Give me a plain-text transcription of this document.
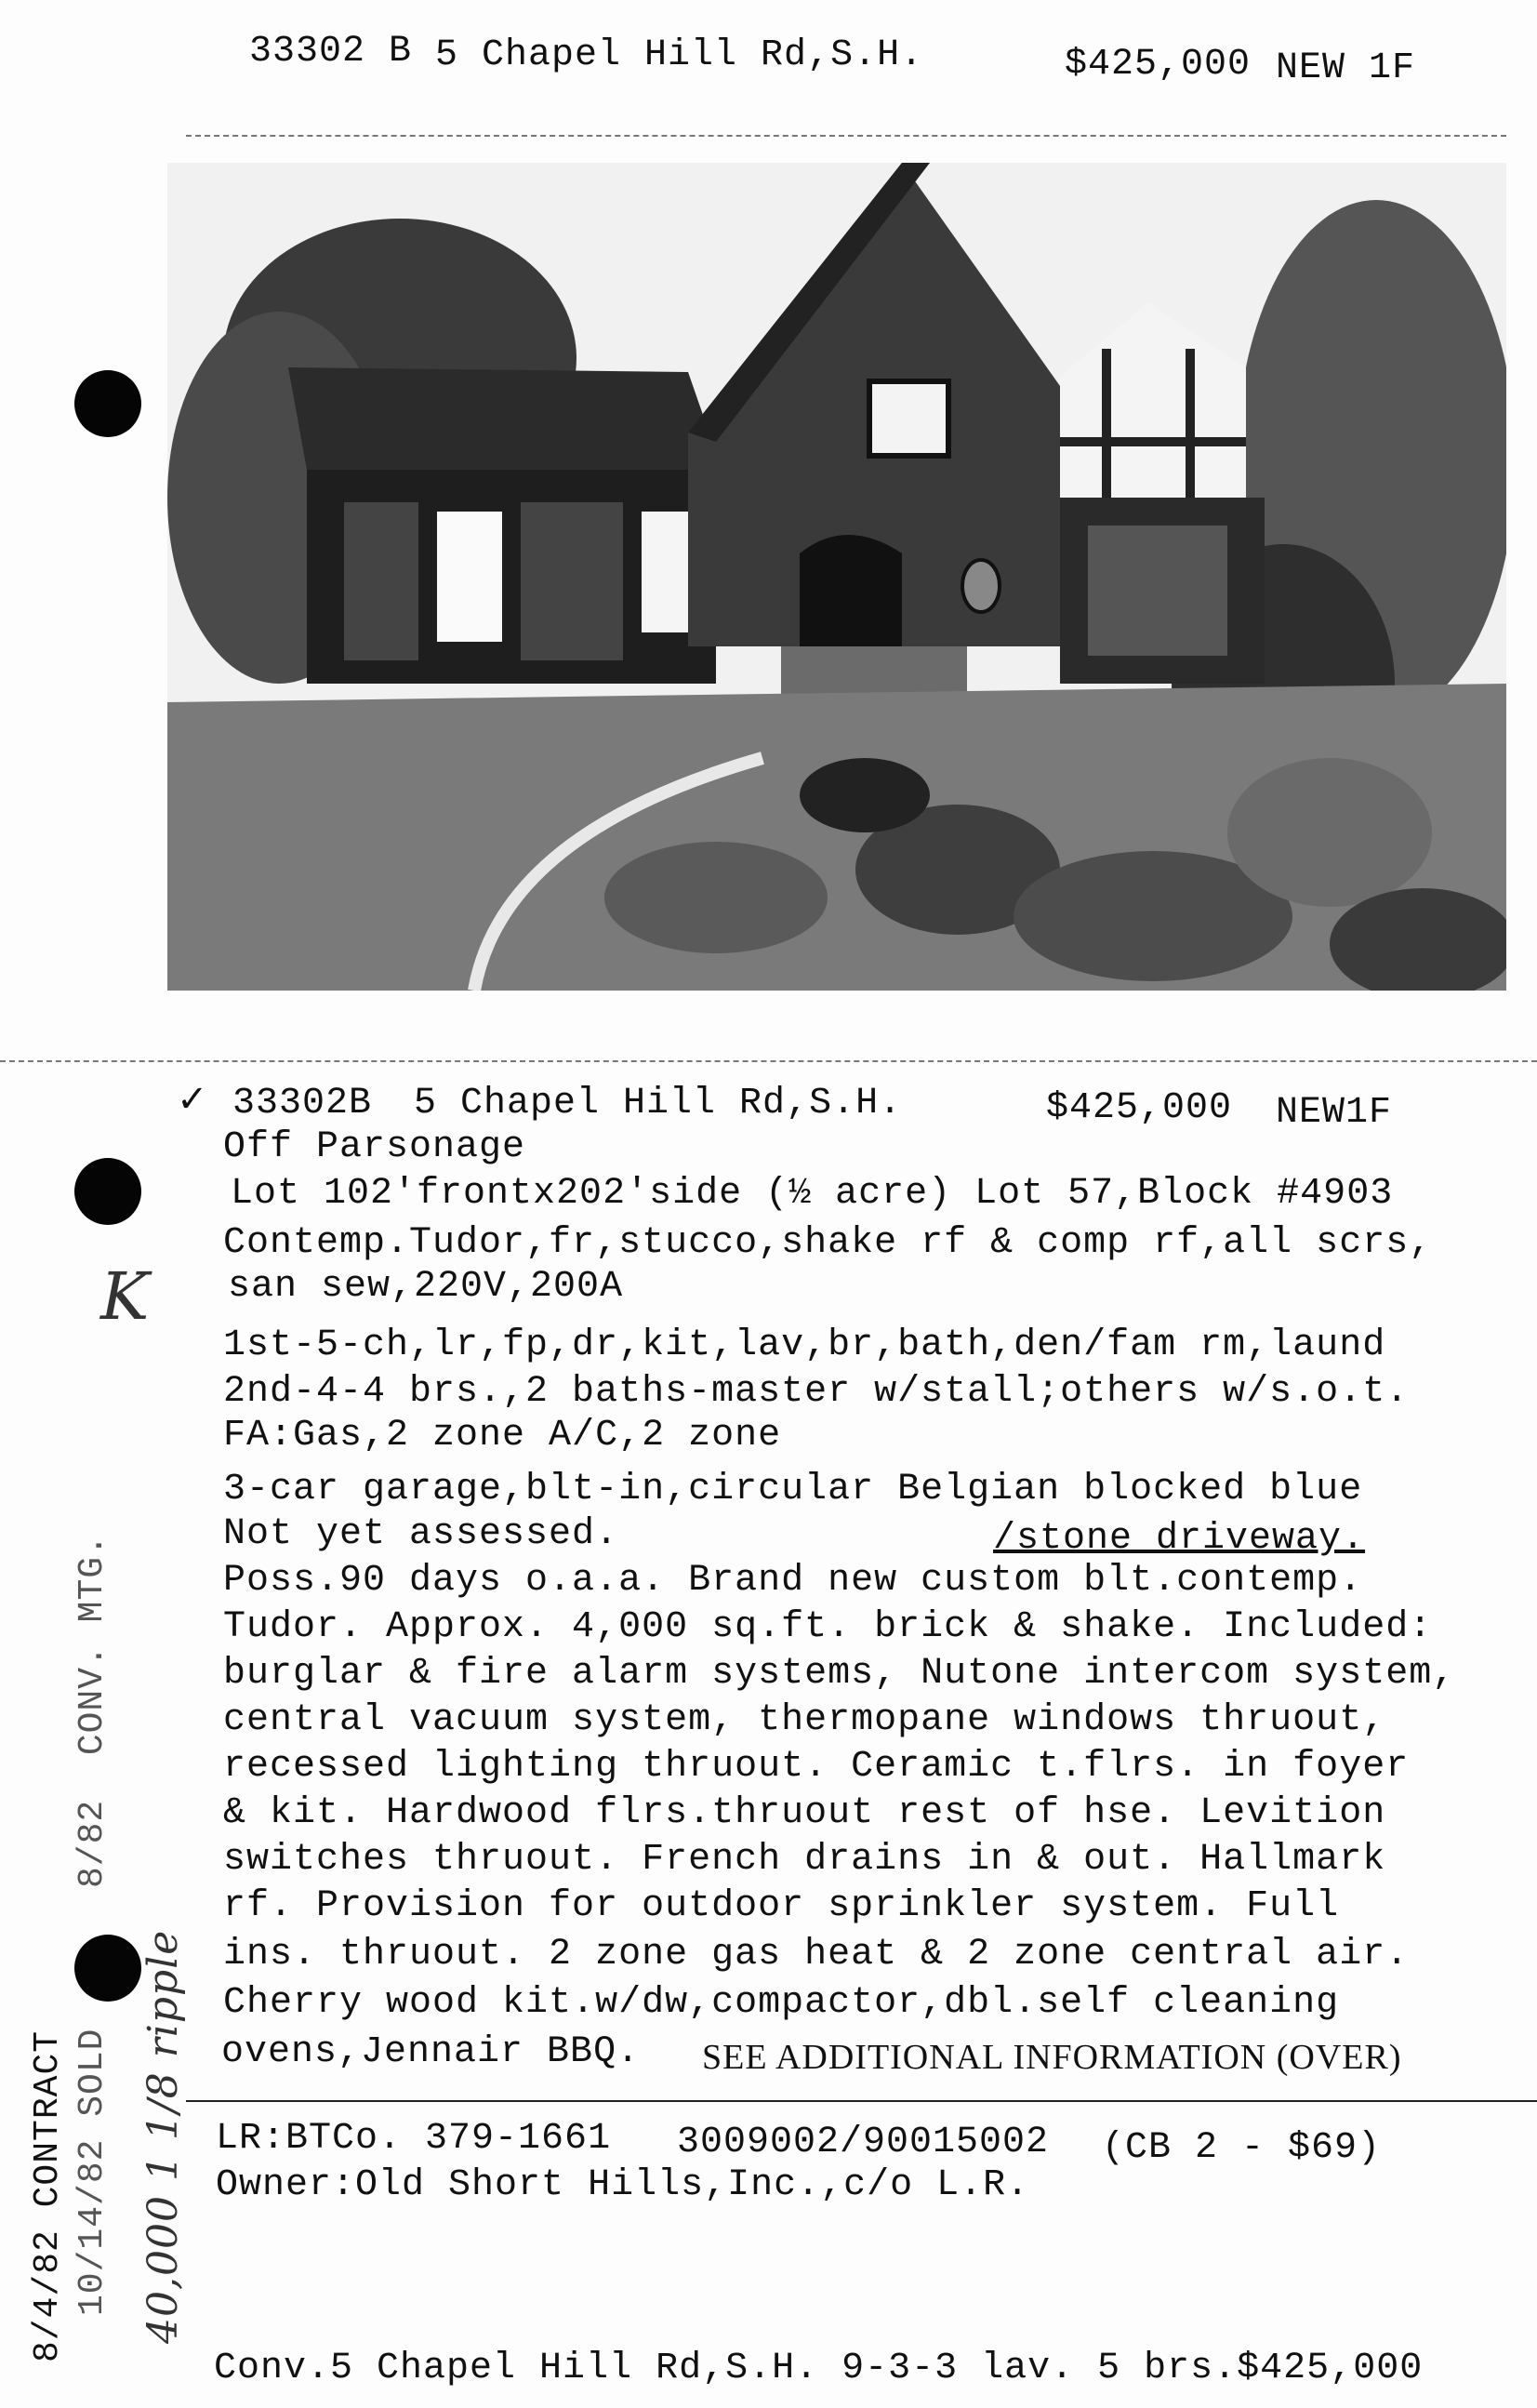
33302 B 5 Chapel Hill Rd,S.H.	$425,000 NEW 1F
✓ 33302B 5 Chapel Hill Rd,S.H.	$425,000 NEW1F
Off Parsonage
Lot 102'frontx202'side (½ acre) Lot 57,Block #4903
Contemp.Tudor,fr,stucco,shake rf & comp rf,all scrs,
san sew,220V,200A
1st-5-ch,lr,fp,dr,kit,lav,br,bath,den/fam rm,laund
2nd-4-4 brs.,2 baths-master w/stall;others w/s.o.t.
FA:Gas,2 zone A/C,2 zone
3-car garage,blt-in,circular Belgian blocked blue
Not yet assessed.
Poss.90 days o.a.a. Brand new custom blt.contemp.
Tudor. Approx. 4,000 sq.ft. brick & shake. Included:
burglar & fire alarm systems, Nutone intercom system,
central vacuum system, thermopane windows thruout,
recessed lighting thruout. Ceramic t.flrs. in foyer
& kit. Hardwood flrs.thruout rest of hse. Levition
switches thruout. French drains in & out. Hallmark
rf. Provision for outdoor sprinkler system. Full
ins. thruout. 2 zone gas heat & 2 zone central air.
Cherry wood kit.w/dw,compactor,dbl.self cleaning
/stone driveway.
ovens,Jennair BBQ. SEE ADDITIONAL INFORMATION (OVER)
LR:BTCo. 379-1661 3009002/90015002 (CB 2 - $69)
Owner:Old Short Hills,Inc.,c/o L.R.
Conv.5 Chapel Hill Rd,S.H. 9-3-3 lav. 5 brs.$425,000
8/4/82 CONTRACT 10/14/82 SOLD
8/82  CONV. MTG.
40,000 1 1/8 ripple
K
